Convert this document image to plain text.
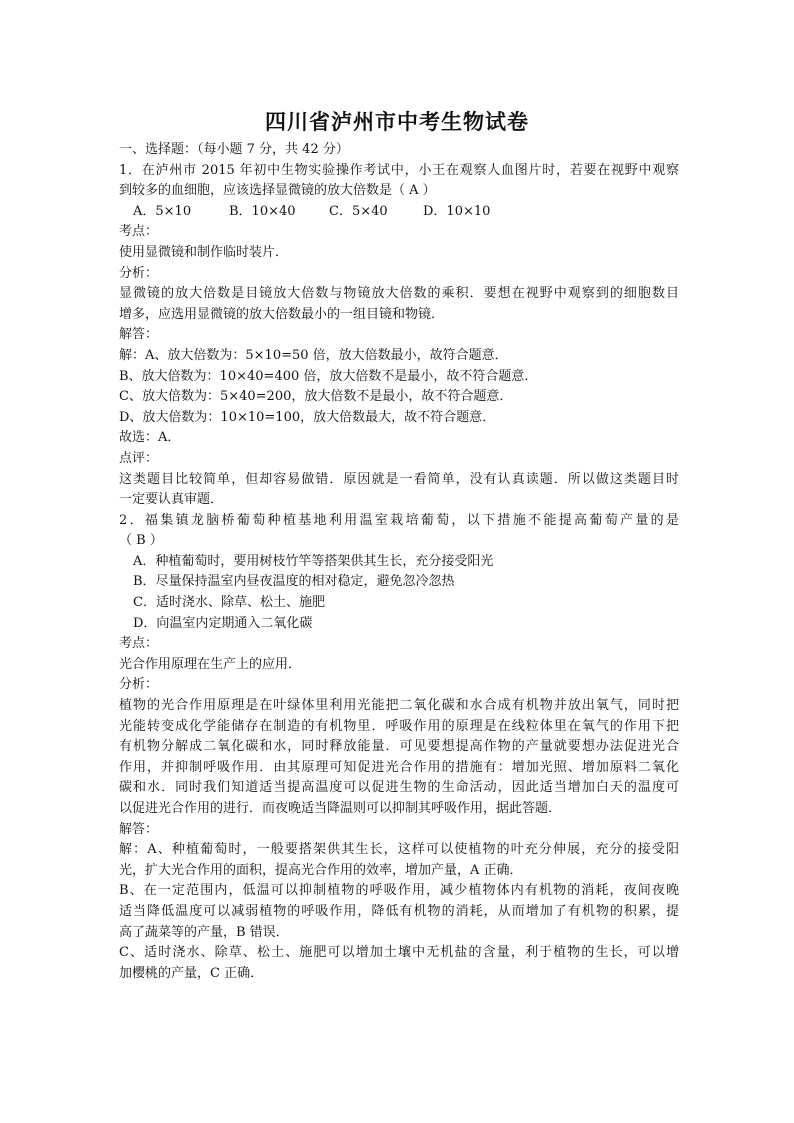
四川省泸州市中考生物试卷
一、选择题：（每小题 7 分，共 42 分）
1．在泸州市 2015 年初中生物实验操作考试中，小王在观察人血图片时，若要在视野中观察
到较多的血细胞，应该选择显微镜的放大倍数是（ A ）
A．5×10	B．10×40	C．5×40	D．10×10
考点：
使用显微镜和制作临时装片．
分析：
显微镜的放大倍数是目镜放大倍数与物镜放大倍数的乘积．要想在视野中观察到的细胞数目
增多，应选用显微镜的放大倍数最小的一组目镜和物镜．
解答：
解：A、放大倍数为：5×10=50 倍，放大倍数最小，故符合题意．
B、放大倍数为：10×40=400 倍，放大倍数不是最小，故不符合题意．
C、放大倍数为：5×40=200，放大倍数不是最小，故不符合题意．
D、放大倍数为：10×10=100，放大倍数最大，故不符合题意．
故选：A．
点评：
这类题目比较简单，但却容易做错．原因就是一看简单，没有认真读题．所以做这类题目时
一定要认真审题．
2．福集镇龙脑桥葡萄种植基地利用温室栽培葡萄，以下措施不能提高葡萄产量的是
（ B ）
A．种植葡萄时，要用树枝竹竿等搭架供其生长，充分接受阳光
B．尽量保持温室内昼夜温度的相对稳定，避免忽冷忽热
C．适时浇水、除草、松土、施肥
D．向温室内定期通入二氧化碳
考点：
光合作用原理在生产上的应用．
分析：
植物的光合作用原理是在叶绿体里利用光能把二氧化碳和水合成有机物并放出氧气，同时把
光能转变成化学能储存在制造的有机物里．呼吸作用的原理是在线粒体里在氧气的作用下把
有机物分解成二氧化碳和水，同时释放能量．可见要想提高作物的产量就要想办法促进光合
作用，并抑制呼吸作用．由其原理可知促进光合作用的措施有：增加光照、增加原料二氧化
碳和水．同时我们知道适当提高温度可以促进生物的生命活动，因此适当增加白天的温度可
以促进光合作用的进行．而夜晚适当降温则可以抑制其呼吸作用，据此答题．
解答：
解：A、种植葡萄时，一般要搭架供其生长，这样可以使植物的叶充分伸展，充分的接受阳
光，扩大光合作用的面积，提高光合作用的效率，增加产量，A 正确．
B、在一定范围内，低温可以抑制植物的呼吸作用，减少植物体内有机物的消耗，夜间夜晚
适当降低温度可以减弱植物的呼吸作用，降低有机物的消耗，从而增加了有机物的积累，提
高了蔬菜等的产量，B 错误．
C、适时浇水、除草、松土、施肥可以增加土壤中无机盐的含量，利于植物的生长，可以增
加樱桃的产量，C 正确．
